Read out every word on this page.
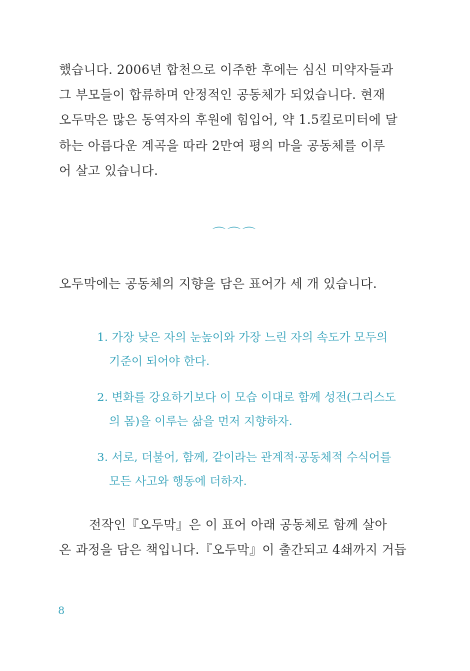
했습니다. 2006년 합천으로 이주한 후에는 심신 미약자들과
그 부모들이 합류하며 안정적인 공동체가 되었습니다. 현재
오두막은 많은 동역자의 후원에 힘입어, 약 1.5킬로미터에 달
하는 아름다운 계곡을 따라 2만여 평의 마을 공동체를 이루
어 살고 있습니다.
⌒⌒⌒
오두막에는 공동체의 지향을 담은 표어가 세 개 있습니다.
1. 가장 낮은 자의 눈높이와 가장 느린 자의 속도가 모두의
기준이 되어야 한다.
2. 변화를 강요하기보다 이 모습 이대로 함께 성전(그리스도
의 몸)을 이루는 삶을 먼저 지향하자.
3. 서로, 더불어, 함께, 같이라는 관계적·공동체적 수식어를
모든 사고와 행동에 더하자.
전작인『오두막』은 이 표어 아래 공동체로 함께 살아
온 과정을 담은 책입니다.『오두막』이 출간되고 4쇄까지 거듭
8
